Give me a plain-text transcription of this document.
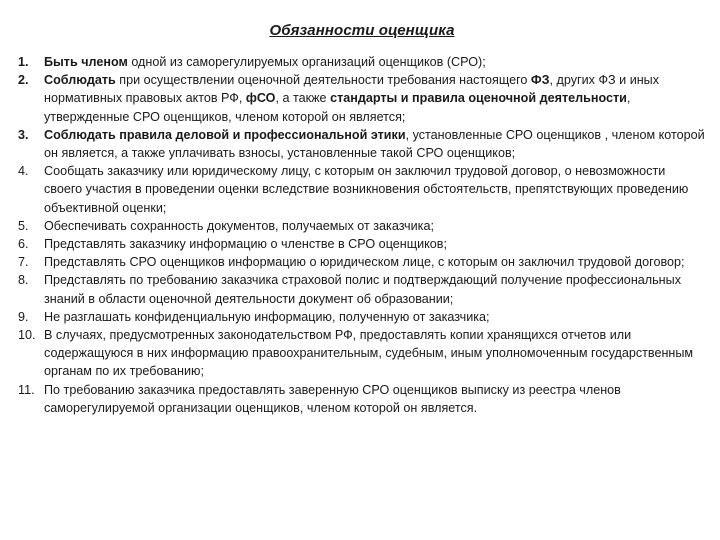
Обязанности оценщика
1. Быть членом одной из саморегулируемых организаций оценщиков (СРО);
2. Соблюдать при осуществлении оценочной деятельности требования настоящего ФЗ, других ФЗ и иных нормативных правовых актов РФ, фСО, а также стандарты и правила оценочной деятельности, утвержденные СРО оценщиков, членом которой он является;
3. Соблюдать правила деловой и профессиональной этики, установленные СРО оценщиков , членом которой он является, а также уплачивать взносы, установленные такой СРО оценщиков;
4. Сообщать заказчику или юридическому лицу, с которым он заключил трудовой договор, о невозможности своего участия в проведении оценки вследствие возникновения обстоятельств, препятствующих проведению объективной оценки;
5. Обеспечивать сохранность документов, получаемых от заказчика;
6. Представлять заказчику информацию о членстве в СРО оценщиков;
7. Представлять СРО оценщиков информацию о юридическом лице, с которым он заключил трудовой договор;
8. Представлять по требованию заказчика страховой полис и подтверждающий получение профессиональных знаний в области оценочной деятельности документ об образовании;
9. Не разглашать конфиденциальную информацию, полученную от заказчика;
10. В случаях, предусмотренных законодательством РФ, предоставлять копии хранящихся отчетов или содержащуюся в них информацию правоохранительным, судебным, иным уполномоченным государственным органам по их требованию;
11. По требованию заказчика предоставлять заверенную СРО оценщиков выписку из реестра членов саморегулируемой организации оценщиков, членом которой он является.
